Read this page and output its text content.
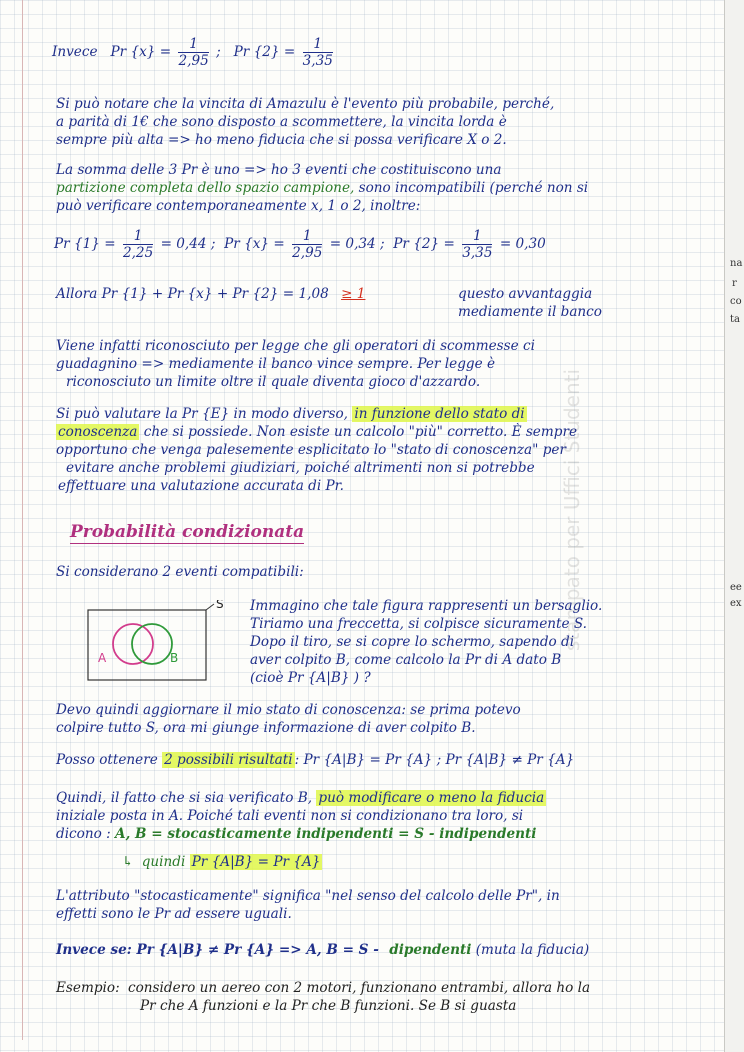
na
r
co
ta
ee
ex
stampato per Uffici Studenti
Invece Pr $\{x\} = \frac{1}{2,95}$ ; Pr $\{2\} = \frac{1}{3,35}$
Si può notare che la vincita di Amazulu è l'evento più probabile, perché,
a parità di 1€ che sono disposto a scommettere, la vincita lorda è
sempre più alta => ho meno fiducia che si possa verificare X o 2.
La somma delle 3 Pr è uno => ho 3 eventi che costituiscono una
partizione completa dello spazio campione, sono incompatibili (perché non si
può verificare contemporaneamente x, 1 o 2, inoltre:
Pr $\{1\} = \frac{1}{2,25} = 0,44$ ; Pr $\{x\} = \frac{1}{2,95} = 0,34$ ; Pr $\{2\} = \frac{1}{3,35} = 0,30$
Allora Pr {1} + Pr {x} + Pr {2} = 1,08 ≥ 1	questo avvantaggia
mediamente il banco
Viene infatti riconosciuto per legge che gli operatori di scommesse ci
guadagnino => mediamente il banco vince sempre. Per legge è
riconosciuto un limite oltre il quale diventa gioco d'azzardo.
Si può valutare la Pr {E} in modo diverso, in funzione dello stato di
conoscenza che si possiede. Non esiste un calcolo "più" corretto. È sempre
opportuno che venga palesemente esplicitato lo "stato di conoscenza" per
evitare anche problemi giudiziari, poiché altrimenti non si potrebbe
effettuare una valutazione accurata di Pr.
Probabilità condizionata
Si considerano 2 eventi compatibili:
S
A	B
Immagino che tale figura rappresenti un bersaglio.
Tiriamo una freccetta, si colpisce sicuramente S.
Dopo il tiro, se si copre lo schermo, sapendo di
aver colpito B, come calcolo la Pr di A dato B
(cioè Pr {A|B} ) ?
Devo quindi aggiornare il mio stato di conoscenza: se prima potevo
colpire tutto S, ora mi giunge informazione di aver colpito B.
Posso ottenere 2 possibili risultati : Pr {A|B} = Pr {A} ; Pr {A|B} ≠ Pr {A}
Quindi, il fatto che si sia verificato B, può modificare o meno la fiducia
iniziale posta in A. Poiché tali eventi non si condizionano tra loro, si
dicono : A, B = stocasticamente indipendenti = S - indipendenti
↳ quindi Pr {A|B} = Pr {A}
L'attributo "stocasticamente" significa "nel senso del calcolo delle Pr", in
effetti sono le Pr ad essere uguali.
Invece se: Pr {A|B} ≠ Pr {A} => A, B = S - dipendenti (muta la fiducia)
Esempio: considero un aereo con 2 motori, funzionano entrambi, allora ho la
Pr che A funzioni e la Pr che B funzioni. Se B si guasta
